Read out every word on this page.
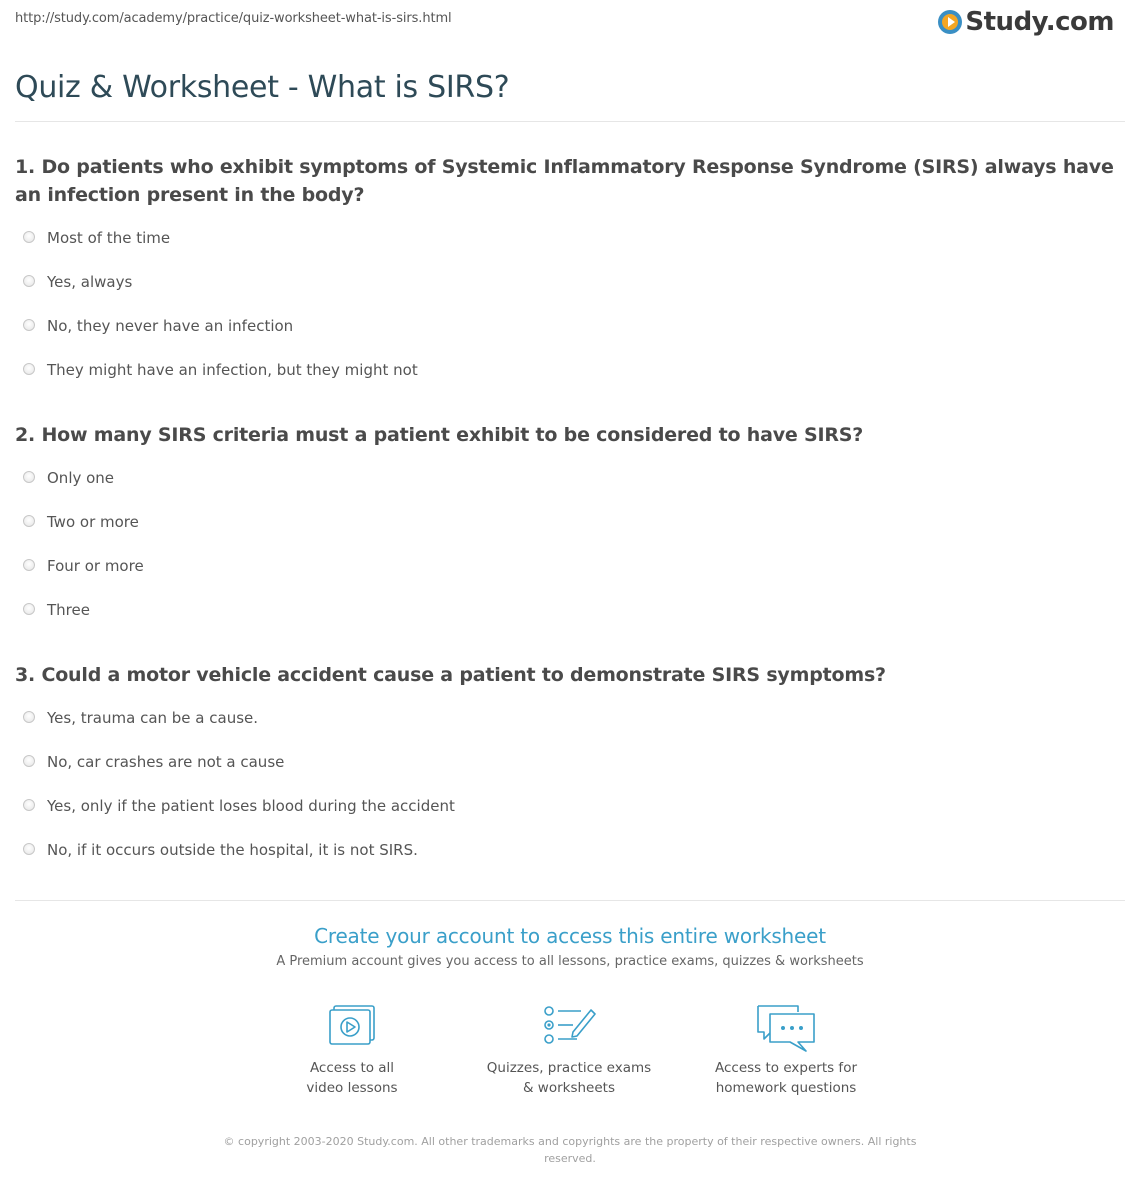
http://study.com/academy/practice/quiz-worksheet-what-is-sirs.html	Study.com
Quiz & Worksheet - What is SIRS?
1. Do patients who exhibit symptoms of Systemic Inflammatory Response Syndrome (SIRS) always have an infection present in the body?
Most of the time
Yes, always
No, they never have an infection
They might have an infection, but they might not
2. How many SIRS criteria must a patient exhibit to be considered to have SIRS?
Only one
Two or more
Four or more
Three
3. Could a motor vehicle accident cause a patient to demonstrate SIRS symptoms?
Yes, trauma can be a cause.
No, car crashes are not a cause
Yes, only if the patient loses blood during the accident
No, if it occurs outside the hospital, it is not SIRS.
Create your account to access this entire worksheet
A Premium account gives you access to all lessons, practice exams, quizzes & worksheets
Access to all
video lessons
Quizzes, practice exams
& worksheets
Access to experts for
homework questions
© copyright 2003-2020 Study.com. All other trademarks and copyrights are the property of their respective owners. All rights reserved.
